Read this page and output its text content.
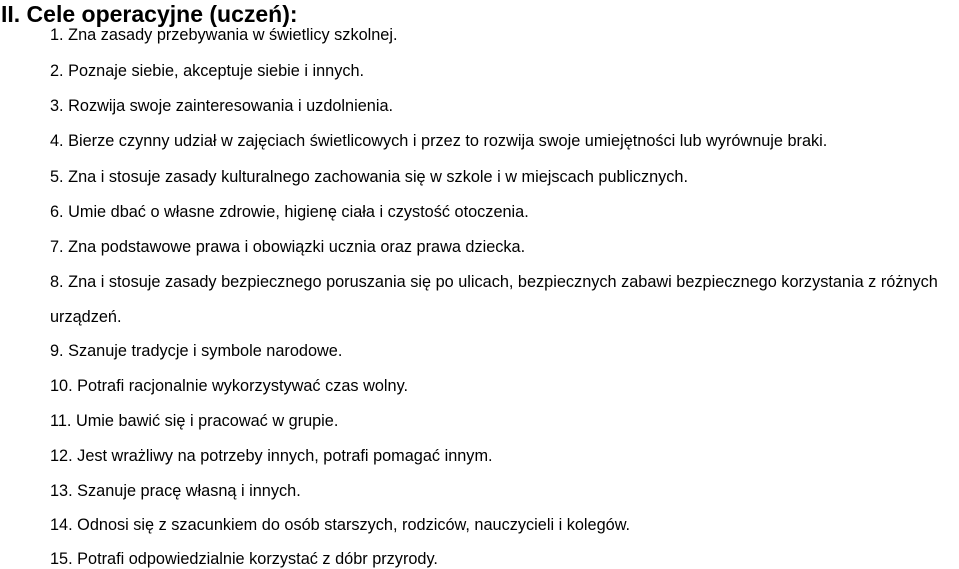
II. Cele operacyjne (uczeń):

1. Zna zasady przebywania w świetlicy szkolnej.

2. Poznaje siebie, akceptuje siebie i innych.

3. Rozwija swoje zainteresowania i uzdolnienia.

4. Bierze czynny udział w zajęciach świetlicowych i przez to rozwija swoje umiejętności lub wyrównuje braki.

5. Zna i stosuje zasady kulturalnego zachowania się w szkole i w miejscach publicznych.

6. Umie dbać o własne zdrowie, higienę ciała i czystość otoczenia.

7. Zna podstawowe prawa i obowiązki ucznia oraz prawa dziecka.

8. Zna i stosuje zasady bezpiecznego poruszania się po ulicach, bezpiecznych zabawi bezpiecznego korzystania z różnych urządzeń.

9. Szanuje tradycje i symbole narodowe.

10. Potrafi racjonalnie wykorzystywać czas wolny.

11. Umie bawić się i pracować w grupie.

12. Jest wrażliwy na potrzeby innych, potrafi pomagać innym.

13. Szanuje pracę własną i innych.

14. Odnosi się z szacunkiem do osób starszych, rodziców, nauczycieli i kolegów.

15. Potrafi odpowiedzialnie korzystać z dóbr przyrody.
